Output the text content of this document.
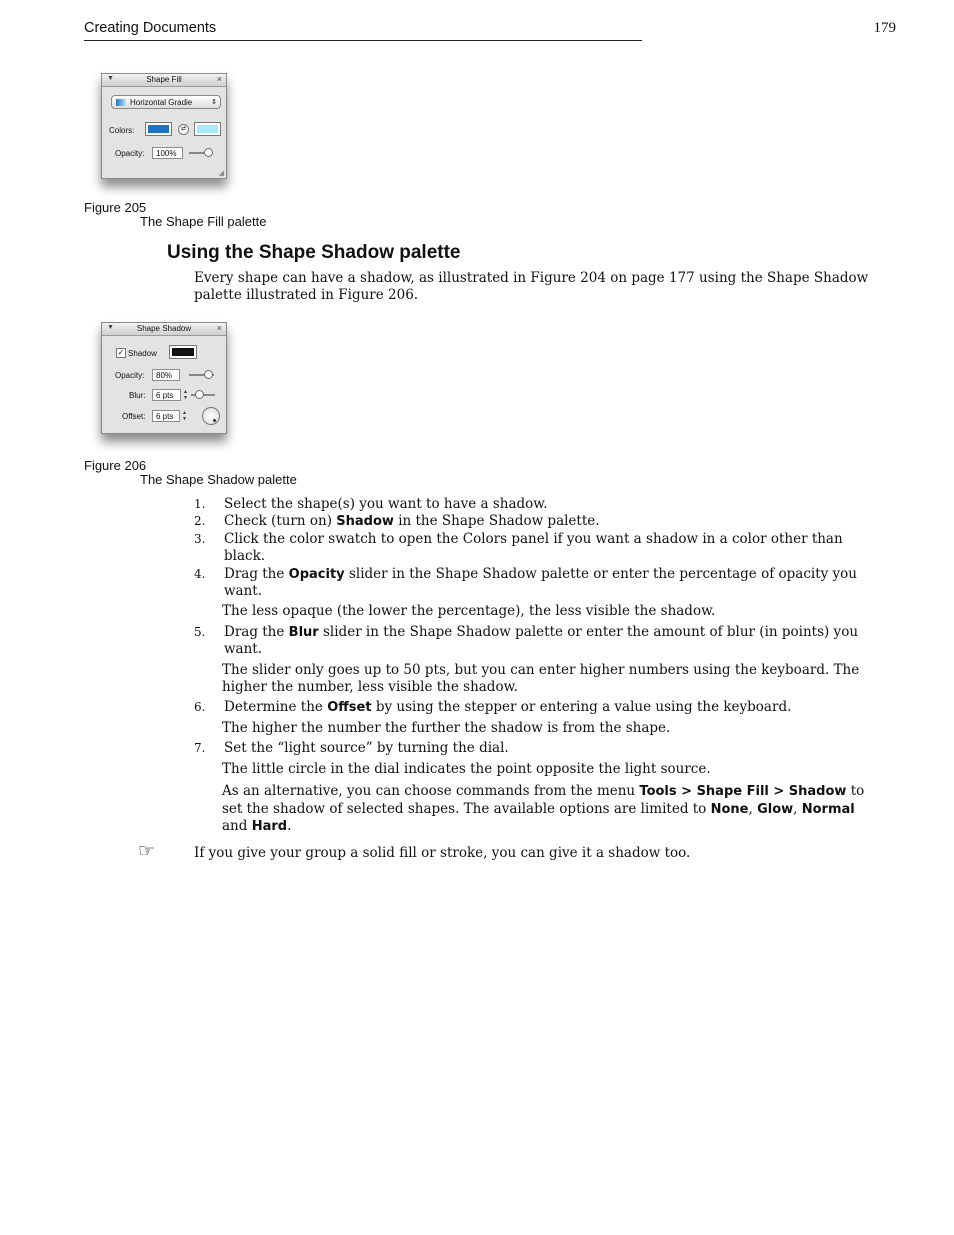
Creating Documents	179
▼	Shape Fill	×
Horizontal Gradie	⇕
Colors:	⇄
Opacity:	100%
◢
Figure 205
The Shape Fill palette
Using the Shape Shadow palette
Every shape can have a shadow, as illustrated in Figure 204 on page 177 using the Shape Shadow
palette illustrated in Figure 206.
▼	Shape Shadow	×
✓ Shadow
Opacity:	80%
Blur:	6 pts	▲
▼
Offset:	6 pts	▲
▼
Figure 206
The Shape Shadow palette
1. Select the shape(s) you want to have a shadow.
2. Check (turn on) Shadow in the Shape Shadow palette.
3. Click the color swatch to open the Colors panel if you want a shadow in a color other than black.
4. Drag the Opacity slider in the Shape Shadow palette or enter the percentage of opacity you want.
The less opaque (the lower the percentage), the less visible the shadow.
5. Drag the Blur slider in the Shape Shadow palette or enter the amount of blur (in points) you want.
The slider only goes up to 50 pts, but you can enter higher numbers using the keyboard. The higher the number, less visible the shadow.
6. Determine the Offset by using the stepper or entering a value using the keyboard.
The higher the number the further the shadow is from the shape.
7. Set the “light source” by turning the dial.
The little circle in the dial indicates the point opposite the light source.
As an alternative, you can choose commands from the menu Tools > Shape Fill > Shadow to set the shadow of selected shapes. The available options are limited to None, Glow, Normal and Hard.
☞	If you give your group a solid fill or stroke, you can give it a shadow too.
